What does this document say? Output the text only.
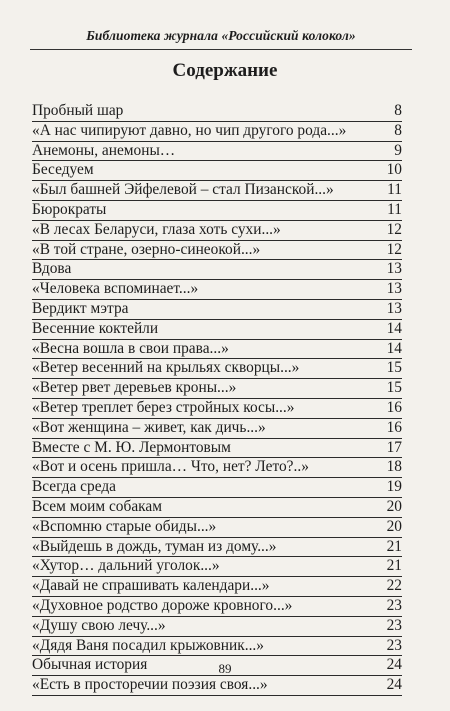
Библиотека журнала «Российский колокол»
Содержание
Пробный шар	8
«А нас чипируют давно, но чип другого рода...»	8
Анемоны, анемоны…	9
Беседуем	10
«Был башней Эйфелевой – стал Пизанской...»	11
Бюрократы	11
«В лесах Беларуси, глаза хоть сухи...»	12
«В той стране, озерно-синеокой...»	12
Вдова	13
«Человека вспоминает...»	13
Вердикт мэтра	13
Весенние коктейли	14
«Весна вошла в свои права...»	14
«Ветер весенний на крыльях скворцы...»	15
«Ветер рвет деревьев кроны...»	15
«Ветер треплет берез стройных косы...»	16
«Вот женщина – живет, как дичь...»	16
Вместе с М. Ю. Лермонтовым	17
«Вот и осень пришла… Что, нет? Лето?..»	18
Всегда среда	19
Всем моим собакам	20
«Вспомню старые обиды...»	20
«Выйдешь в дождь, туман из дому...»	21
«Хутор… дальний уголок...»	21
«Давай не спрашивать календари...»	22
«Духовное родство дороже кровного...»	23
«Душу свою лечу...»	23
«Дядя Ваня посадил крыжовник...»	23
Обычная история	24
«Есть в просторечии поэзия своя...»	24
89
